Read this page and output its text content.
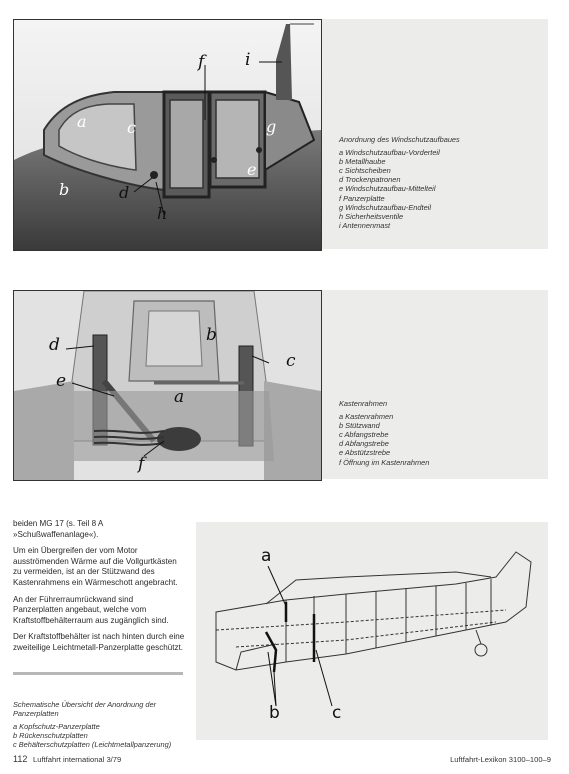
a
b
c
d
e
f
g
h
i
Anordnung des Windschutzaufbaues
a Windschutzaufbau-Vorderteil
b Metallhaube
c Sichtscheiben
d Trockenpatronen
e Windschutzaufbau-Mittelteil
f Panzerplatte
g Windschutzaufbau-Endteil
h Sicherheitsventile
i Antennenmast
d	b
c
e
a
f
Kastenrahmen
a Kastenrahmen
b Stützwand
c Abfangstrebe
d Abfangstrebe
e Abstützstrebe
f Öffnung im Kastenrahmen

beiden MG 17 (s. Teil 8 A »Schußwaffenanlage«).

Um ein Übergreifen der vom Motor ausströmenden Wärme auf die Vollgurtkästen zu vermeiden, ist an der Stützwand des Kastenrahmens ein Wärmeschott angebracht.

An der Führerraumrückwand sind Panzerplatten angebaut, welche vom Kraftstoffbehälterraum aus zugänglich sind.

Der Kraftstoffbehälter ist nach hinten durch eine zweiteilige Leichtmetall-Panzerplatte geschützt.

Schematische Übersicht der Anordnung der Panzerplatten
a Kopfschutz-Panzerplatte
b Rückenschutzplatten
c Behälterschutzplatten (Leichtmetallpanzerung)
a
b	c
112 Luftfahrt international 3/79	Luftfahrt-Lexikon 3100–100–9
